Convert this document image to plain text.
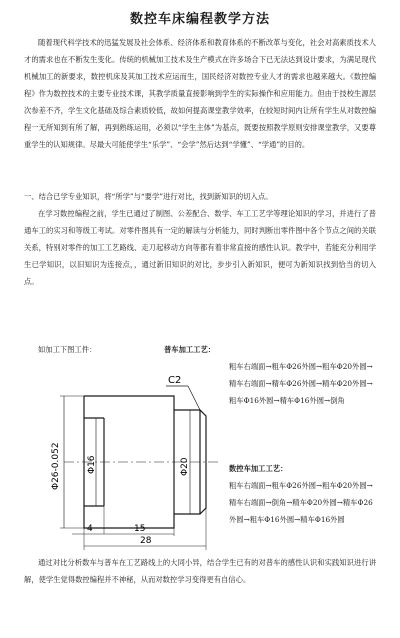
数控车床编程教学方法
随着现代科学技术的迅猛发展及社会体系、经济体系和教育体系的不断改革与变化，社会对高素质技术人才的需求也在不断发生变化。传统的机械加工技术及生产模式在许多场合下已无法达到设计要求，为满足现代机械加工的新要求，数控机床及其加工技术应运而生，国民经济对数控专业人才的需求也越来越大。《数控编程》作为数控技术的主要专业技术课，其教学质量直接影响到学生的实际操作和应用能力。但由于技校生源层次参差不齐，学生文化基础及综合素质较低，故如何提高课堂教学效率，在较短时间内让所有学生从对数控编程一无所知到有所了解，再到熟练运用，必须以“学生主体”为基点，既要按照教学原则安排课堂教学，又要尊重学生的认知规律。尽最大可能使学生“乐学”、“会学”然后达到“学懂”、“学通”的目的。
一、结合已学专业知识，将“所学”与“要学”进行对比，找到新知识的切入点。
在学习数控编程之前，学生已通过了制图、公差配合、数学、车工工艺学等理论知识的学习，并进行了普通车工的实习和等级工考试。对零件图具有一定的解读与分析能力，同时判断出零件图中各个节点之间的关联关系，特别对零件的加工工艺路线、走刀起移动方向等都有着非常直接的感性认识。教学中，若能充分利用学生已学知识，以旧知识为连接点，，通过新旧知识的对比，步步引入新知识，便可为新知识找到恰当的切入点。
如加工下图工件：	普车加工工艺：
粗车右端面→粗车Φ26外圆→粗车Φ20外圆→精车右端面→精车Φ26外圆→精车Φ20外圆→粗车Φ16外圆→精车Φ16外圆→倒角
数控车加工工艺：
粗车右端面→粗车Φ26外圆→粗车Φ20外圆→精车右端面→倒角→精车Φ20外圆→精车Φ26外圆→粗车Φ16外圆→精车Φ16外圆
C2
Φ26-0.052	Φ16	Φ20
4	15
28
通过对比分析数车与普车在工艺路线上的大同小异，结合学生已有的对普车的感性认识和实践知识进行讲解，使学生觉得数控编程并不神秘，从而对数控学习变得更有自信心。
